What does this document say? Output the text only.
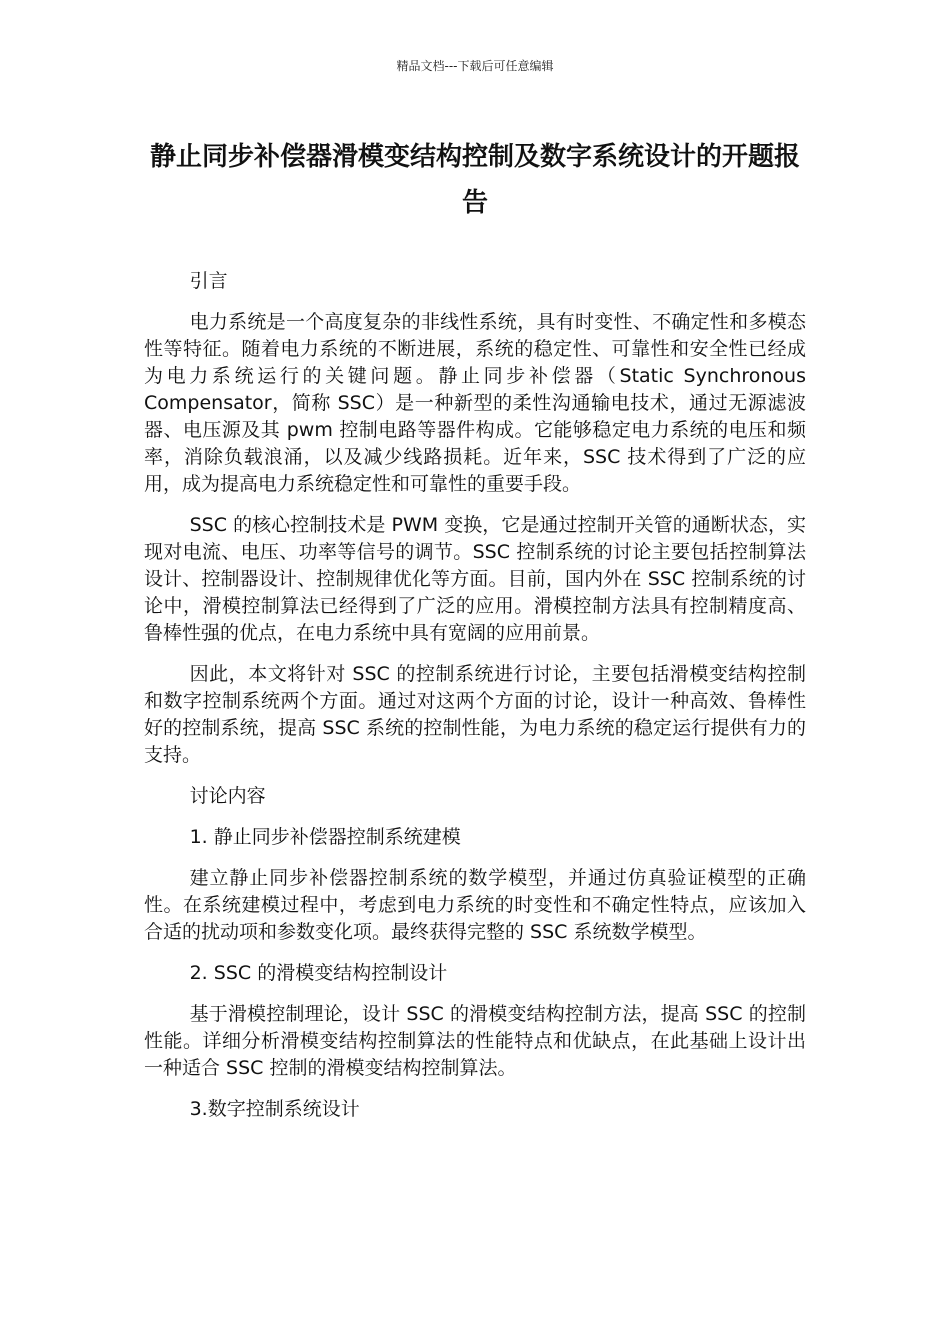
精品文档---下载后可任意编辑
静止同步补偿器滑模变结构控制及数字系统设计的开题报告

引言

电力系统是一个高度复杂的非线性系统，具有时变性、不确定性和多模态性等特征。随着电力系统的不断进展，系统的稳定性、可靠性和安全性已经成为电力系统运行的关键问题。静止同步补偿器（Static Synchronous Compensator，简称 SSC）是一种新型的柔性沟通输电技术，通过无源滤波器、电压源及其 pwm 控制电路等器件构成。它能够稳定电力系统的电压和频率，消除负载浪涌，以及减少线路损耗。近年来，SSC 技术得到了广泛的应用，成为提高电力系统稳定性和可靠性的重要手段。

SSC 的核心控制技术是 PWM 变换，它是通过控制开关管的通断状态，实现对电流、电压、功率等信号的调节。SSC 控制系统的讨论主要包括控制算法设计、控制器设计、控制规律优化等方面。目前，国内外在 SSC 控制系统的讨论中，滑模控制算法已经得到了广泛的应用。滑模控制方法具有控制精度高、鲁棒性强的优点，在电力系统中具有宽阔的应用前景。

因此，本文将针对 SSC 的控制系统进行讨论，主要包括滑模变结构控制和数字控制系统两个方面。通过对这两个方面的讨论，设计一种高效、鲁棒性好的控制系统，提高 SSC 系统的控制性能，为电力系统的稳定运行提供有力的支持。

讨论内容

1. 静止同步补偿器控制系统建模

建立静止同步补偿器控制系统的数学模型，并通过仿真验证模型的正确性。在系统建模过程中，考虑到电力系统的时变性和不确定性特点，应该加入合适的扰动项和参数变化项。最终获得完整的 SSC 系统数学模型。

2. SSC 的滑模变结构控制设计

基于滑模控制理论，设计 SSC 的滑模变结构控制方法，提高 SSC 的控制性能。详细分析滑模变结构控制算法的性能特点和优缺点，在此基础上设计出一种适合 SSC 控制的滑模变结构控制算法。

3.数字控制系统设计
